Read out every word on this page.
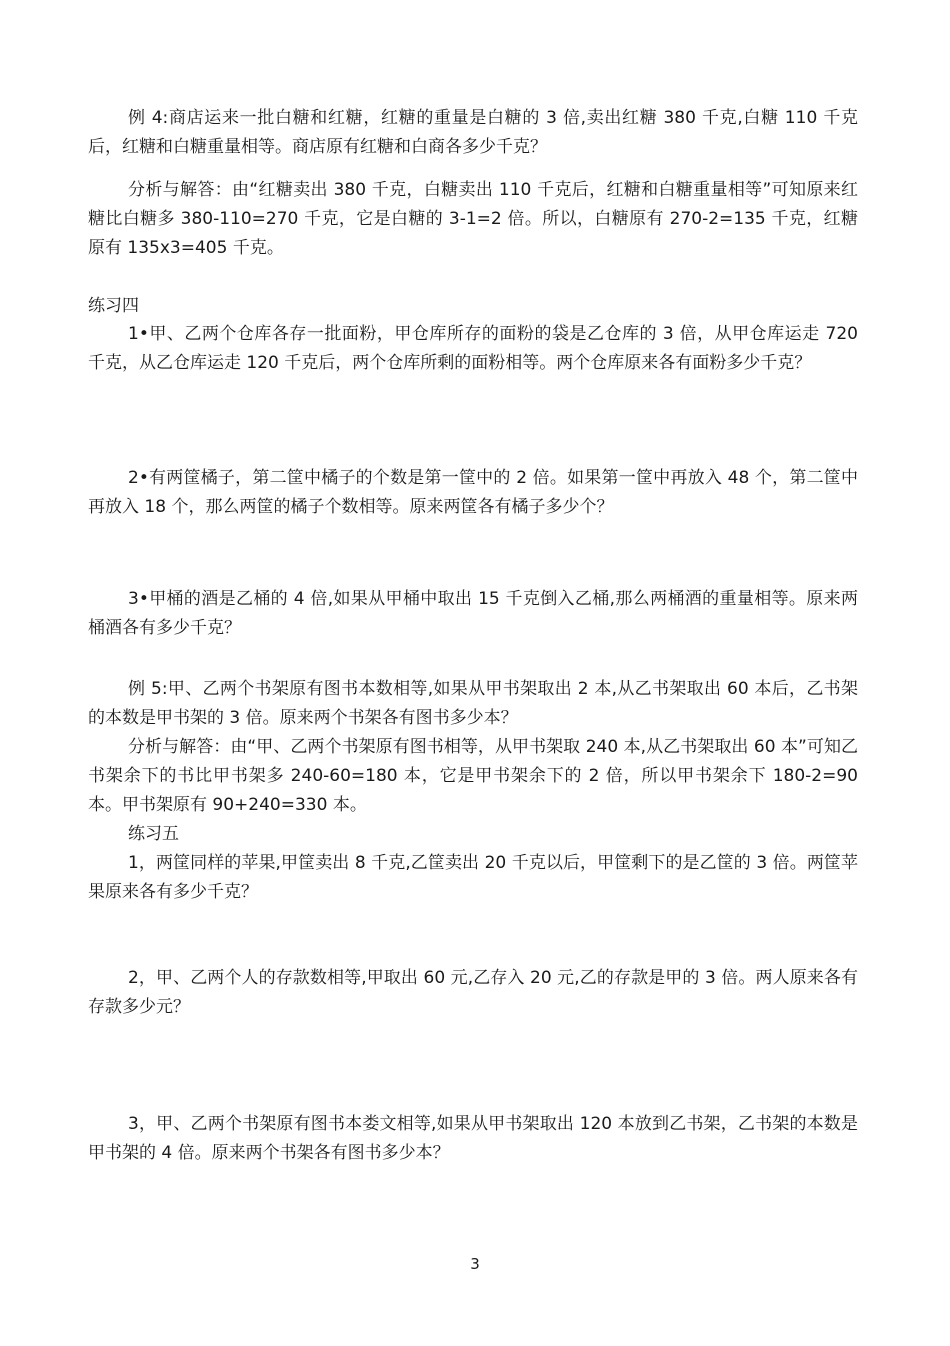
例 4:商店运来一批白糖和红糖，红糖的重量是白糖的 3 倍,卖出红糖 380 千克,白糖 110 千克后，红糖和白糖重量相等。商店原有红糖和白商各多少千克？

分析与解答：由“红糖卖出 380 千克，白糖卖出 110 千克后，红糖和白糖重量相等”可知原来红糖比白糖多 380-110=270 千克，它是白糖的 3-1=2 倍。所以，白糖原有 270-2=135 千克，红糖原有 135x3=405 千克。

练习四

1•甲、乙两个仓库各存一批面粉，甲仓库所存的面粉的袋是乙仓库的 3 倍，从甲仓库运走 720 千克，从乙仓库运走 120 千克后，两个仓库所剩的面粉相等。两个仓库原来各有面粉多少千克？

2•有两筐橘子，第二筐中橘子的个数是第一筐中的 2 倍。如果第一筐中再放入 48 个，第二筐中再放入 18 个，那么两筐的橘子个数相等。原来两筐各有橘子多少个？

3•甲桶的酒是乙桶的 4 倍,如果从甲桶中取出 15 千克倒入乙桶,那么两桶酒的重量相等。原来两桶酒各有多少千克？

例 5:甲、乙两个书架原有图书本数相等,如果从甲书架取出 2 本,从乙书架取出 60 本后，乙书架的本数是甲书架的 3 倍。原来两个书架各有图书多少本？

分析与解答：由“甲、乙两个书架原有图书相等，从甲书架取 240 本,从乙书架取出 60 本”可知乙书架余下的书比甲书架多 240-60=180 本，它是甲书架余下的 2 倍，所以甲书架余下 180-2=90 本。甲书架原有 90+240=330 本。

练习五

1，两筐同样的苹果,甲筐卖出 8 千克,乙筐卖出 20 千克以后，甲筐剩下的是乙筐的 3 倍。两筐苹果原来各有多少千克？

2，甲、乙两个人的存款数相等,甲取出 60 元,乙存入 20 元,乙的存款是甲的 3 倍。两人原来各有存款多少元？

3，甲、乙两个书架原有图书本娄文相等,如果从甲书架取出 120 本放到乙书架，乙书架的本数是甲书架的 4 倍。原来两个书架各有图书多少本？

3
